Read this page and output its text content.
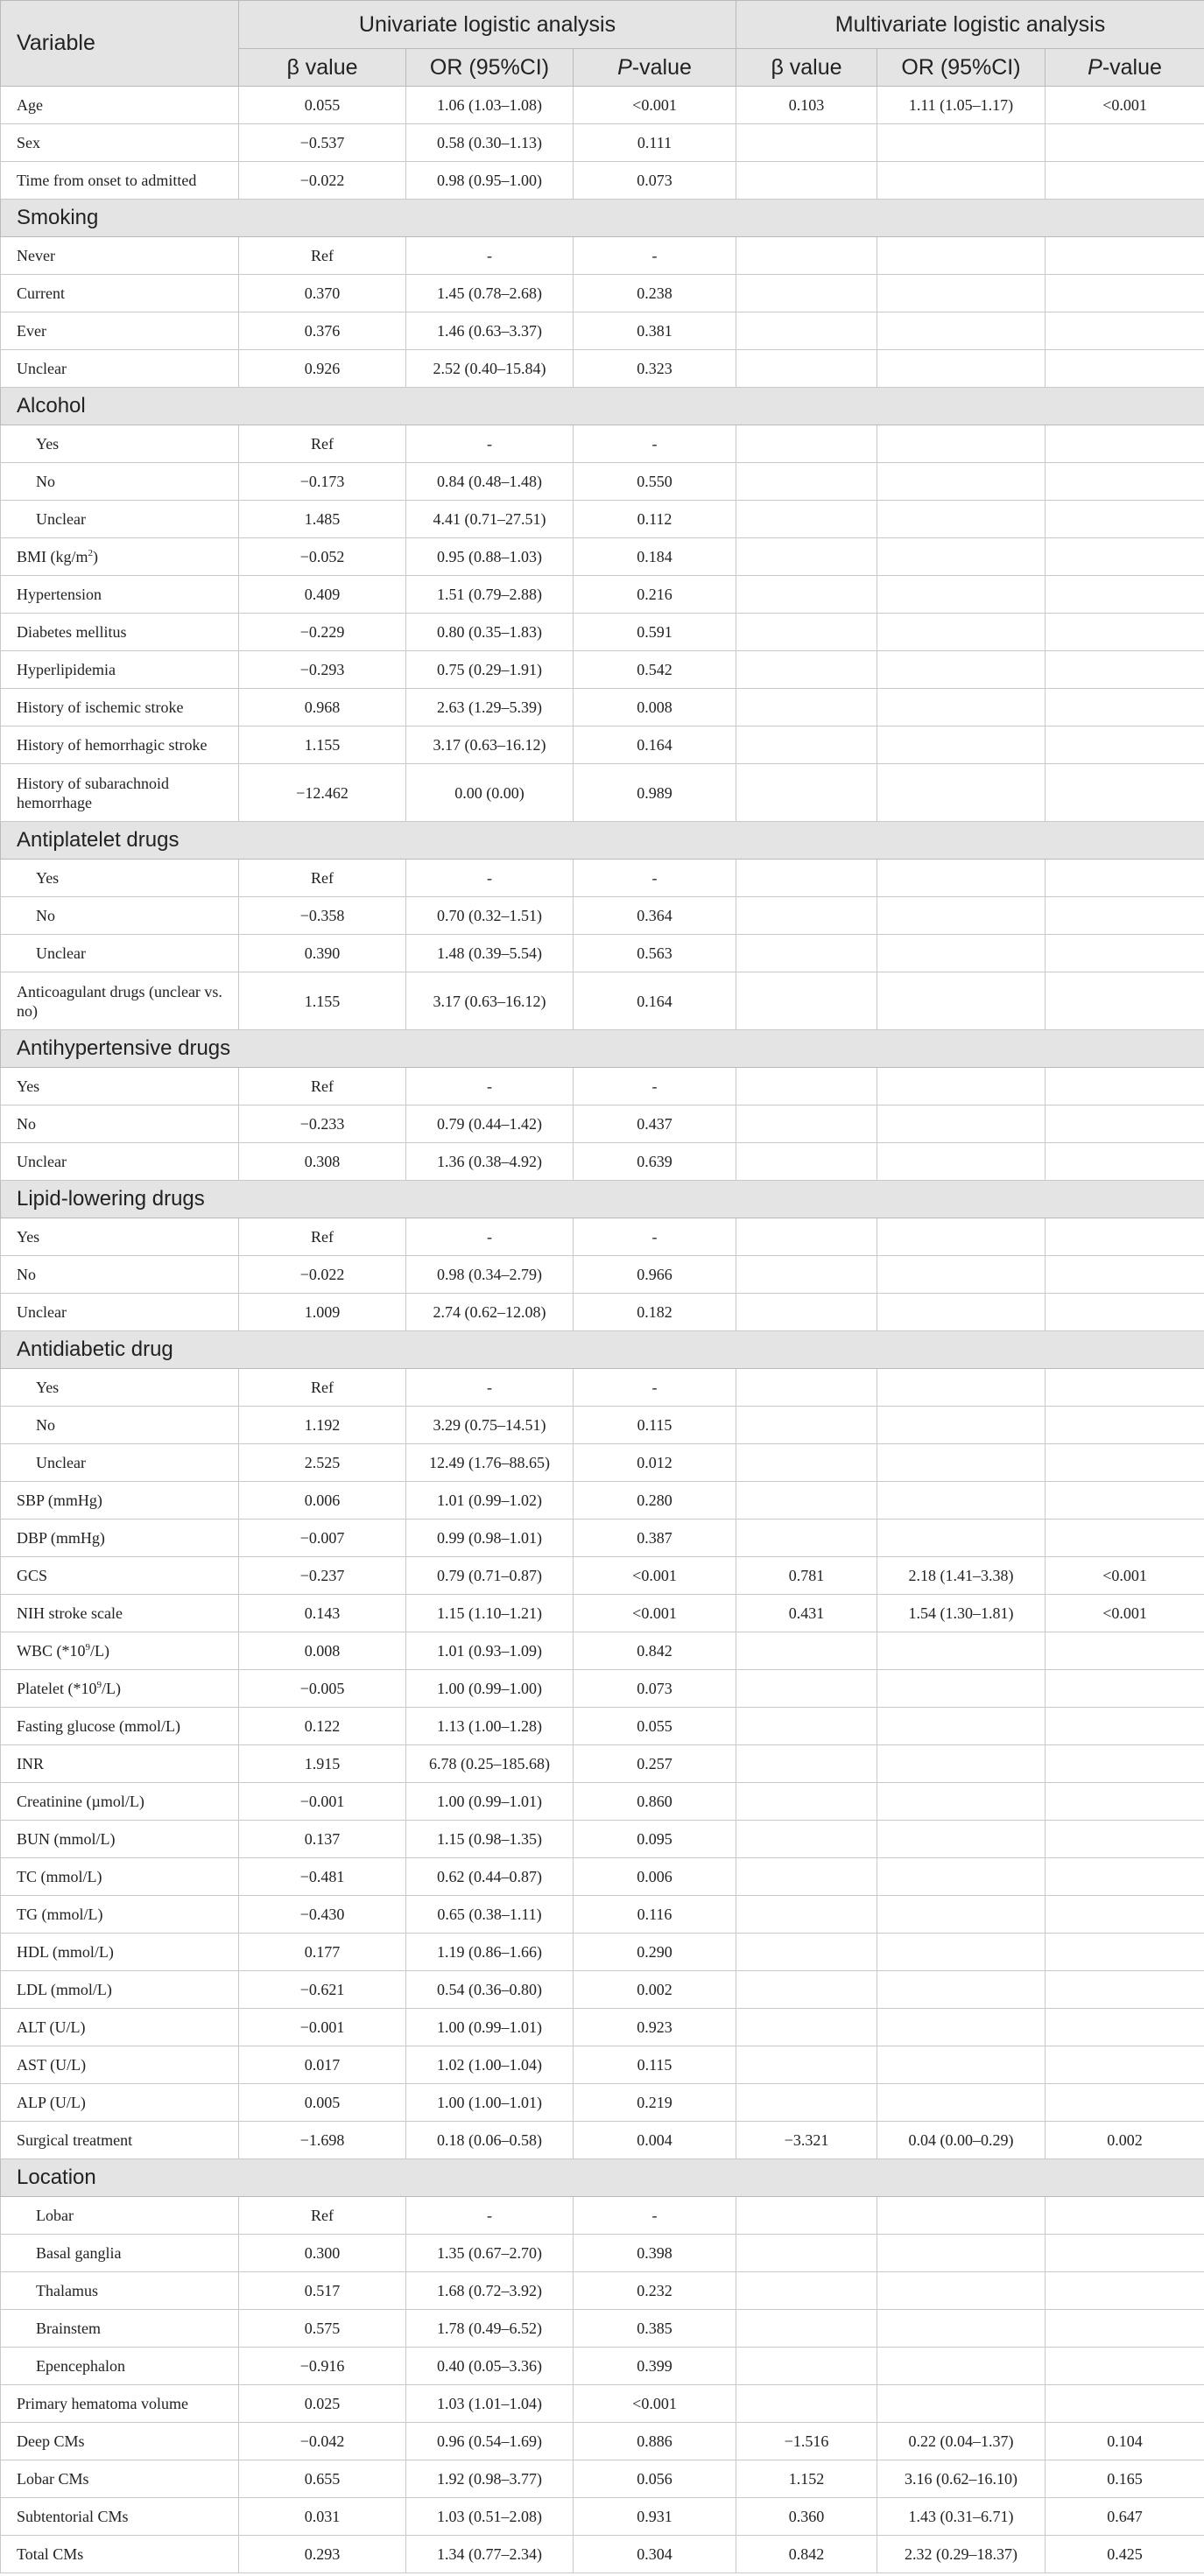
Variable	Univariate logistic analysis			Multivariate logistic analysis		
	β value	OR (95%CI)	P-value	β value	OR (95%CI)	P-value
Age	0.055	1.06 (1.03–1.08)	<0.001	0.103	1.11 (1.05–1.17)	<0.001
Sex	−0.537	0.58 (0.30–1.13)	0.111			
Time from onset to admitted	−0.022	0.98 (0.95–1.00)	0.073			
Smoking						
Never	Ref	-	-			
Current	0.370	1.45 (0.78–2.68)	0.238			
Ever	0.376	1.46 (0.63–3.37)	0.381			
Unclear	0.926	2.52 (0.40–15.84)	0.323			
Alcohol						
Yes	Ref	-	-			
No	−0.173	0.84 (0.48–1.48)	0.550			
Unclear	1.485	4.41 (0.71–27.51)	0.112			
BMI $(kg/m^2)$	−0.052	0.95 (0.88–1.03)	0.184			
Hypertension	0.409	1.51 (0.79–2.88)	0.216			
Diabetes mellitus	−0.229	0.80 (0.35–1.83)	0.591			
Hyperlipidemia	−0.293	0.75 (0.29–1.91)	0.542			
History of ischemic stroke	0.968	2.63 (1.29–5.39)	0.008			
History of hemorrhagic stroke	1.155	3.17 (0.63–16.12)	0.164			
History of subarachnoid hemorrhage	−12.462	0.00 (0.00)	0.989			
Antiplatelet drugs						
Yes	Ref	-	-			
No	−0.358	0.70 (0.32–1.51)	0.364			
Unclear	0.390	1.48 (0.39–5.54)	0.563			
Anticoagulant drugs (unclear vs. no)	1.155	3.17 (0.63–16.12)	0.164			
Antihypertensive drugs						
Yes	Ref	-	-			
No	−0.233	0.79 (0.44–1.42)	0.437			
Unclear	0.308	1.36 (0.38–4.92)	0.639			
Lipid-lowering drugs						
Yes	Ref	-	-			
No	−0.022	0.98 (0.34–2.79)	0.966			
Unclear	1.009	2.74 (0.62–12.08)	0.182			
Antidiabetic drug						
Yes	Ref	-	-			
No	1.192	3.29 (0.75–14.51)	0.115			
Unclear	2.525	12.49 (1.76–88.65)	0.012			
SBP (mmHg)	0.006	1.01 (0.99–1.02)	0.280			
DBP (mmHg)	−0.007	0.99 (0.98–1.01)	0.387			
GCS	−0.237	0.79 (0.71–0.87)	<0.001	0.781	2.18 (1.41–3.38)	<0.001
NIH stroke scale	0.143	1.15 (1.10–1.21)	<0.001	0.431	1.54 (1.30–1.81)	<0.001
WBC $(*10^9/L)$	0.008	1.01 (0.93–1.09)	0.842			
Platelet $(*10^9/L)$	−0.005	1.00 (0.99–1.00)	0.073			
Fasting glucose (mmol/L)	0.122	1.13 (1.00–1.28)	0.055			
INR	1.915	6.78 (0.25–185.68)	0.257			
Creatinine (µmol/L)	−0.001	1.00 (0.99–1.01)	0.860			
BUN (mmol/L)	0.137	1.15 (0.98–1.35)	0.095			
TC (mmol/L)	−0.481	0.62 (0.44–0.87)	0.006			
TG (mmol/L)	−0.430	0.65 (0.38–1.11)	0.116			
HDL (mmol/L)	0.177	1.19 (0.86–1.66)	0.290			
LDL (mmol/L)	−0.621	0.54 (0.36–0.80)	0.002			
ALT (U/L)	−0.001	1.00 (0.99–1.01)	0.923			
AST (U/L)	0.017	1.02 (1.00–1.04)	0.115			
ALP (U/L)	0.005	1.00 (1.00–1.01)	0.219			
Surgical treatment	−1.698	0.18 (0.06–0.58)	0.004	−3.321	0.04 (0.00–0.29)	0.002
Location						
Lobar	Ref	-	-			
Basal ganglia	0.300	1.35 (0.67–2.70)	0.398			
Thalamus	0.517	1.68 (0.72–3.92)	0.232			
Brainstem	0.575	1.78 (0.49–6.52)	0.385			
Epencephalon	−0.916	0.40 (0.05–3.36)	0.399			
Primary hematoma volume	0.025	1.03 (1.01–1.04)	<0.001			
Deep CMs	−0.042	0.96 (0.54–1.69)	0.886	−1.516	0.22 (0.04–1.37)	0.104
Lobar CMs	0.655	1.92 (0.98–3.77)	0.056	1.152	3.16 (0.62–16.10)	0.165
Subtentorial CMs	0.031	1.03 (0.51–2.08)	0.931	0.360	1.43 (0.31–6.71)	0.647
Total CMs	0.293	1.34 (0.77–2.34)	0.304	0.842	2.32 (0.29–18.37)	0.425
